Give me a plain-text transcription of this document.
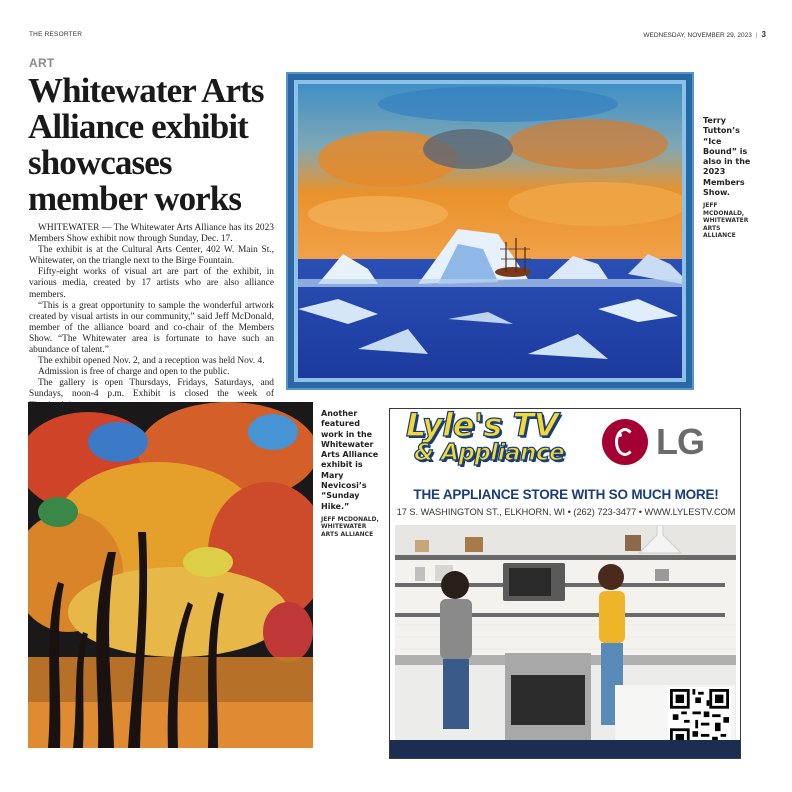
THE RESORTER	WEDNESDAY, NOVEMBER 29, 2023 | 3
ART
Whitewater Arts Alliance exhibit showcases member works

WHITEWATER — The Whitewater Arts Alliance has its 2023 Members Show exhibit now through Sunday, Dec. 17.

The exhibit is at the Cultural Arts Center, 402 W. Main St., Whitewater, on the triangle next to the Birge Fountain.

Fifty-eight works of visual art are part of the exhibit, in various media, created by 17 artists who are also alliance members.

“This is a great opportunity to sample the wonderful artwork created by visual artists in our community,” said Jeff McDonald, member of the alliance board and co-chair of the Members Show. “The Whitewater area is fortunate to have such an abundance of talent.”

The exhibit opened Nov. 2, and a reception was held Nov. 4.

Admission is free of charge and open to the public.

The gallery is open Thursdays, Fridays, Saturdays, and Sundays, noon-4 p.m. Exhibit is closed the week of

Terry Tutton’s “Ice Bound” is also in the 2023 Members Show.
JEFF MCDONALD, WHITEWATER ARTS ALLIANCE
Another featured work in the Whitewater Arts Alliance exhibit is Mary Nevicosi’s “Sunday Hike.”
JEFF MCDONALD, WHITEWATER ARTS ALLIANCE
Lyle's TV
& Appliance	LG
THE APPLIANCE STORE WITH SO MUCH MORE!
17 S. WASHINGTON ST., ELKHORN, WI • (262) 723-3477 • WWW.LYLESTV.COM
